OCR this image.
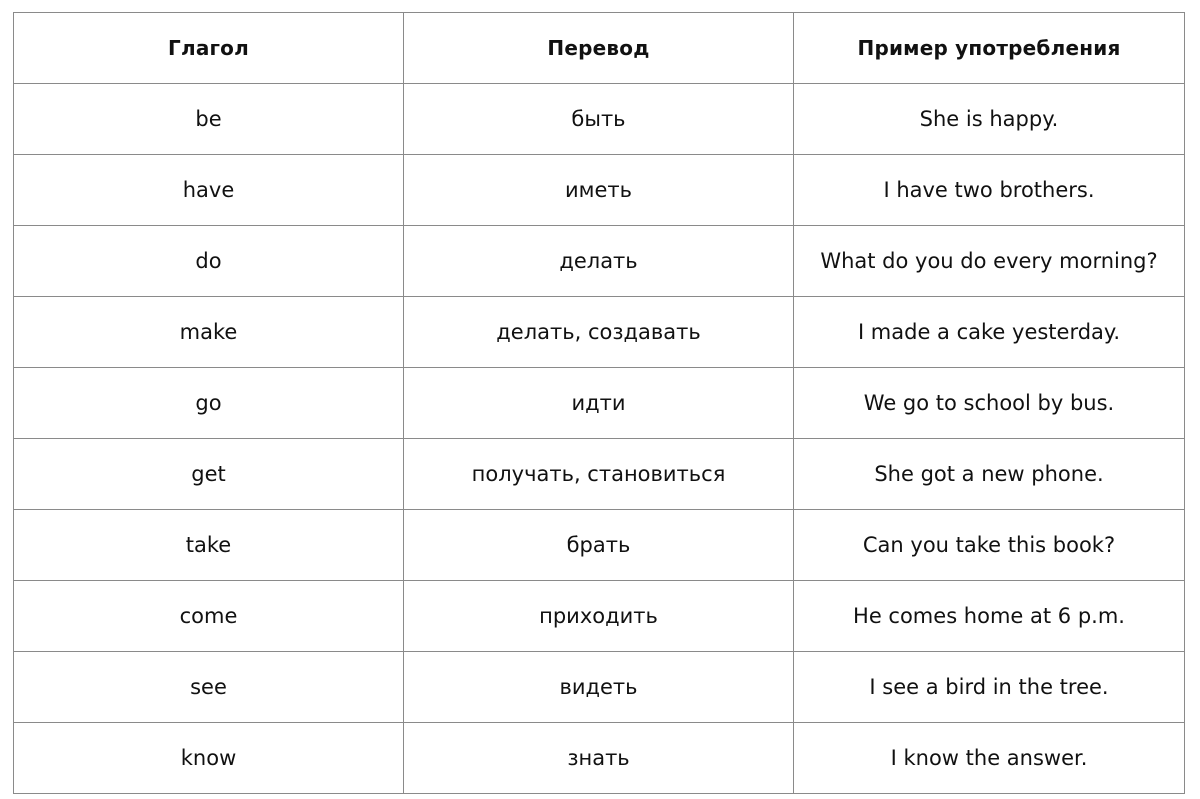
Глагол	Перевод	Пример употребления
be	быть	She is happy.
have	иметь	I have two brothers.
do	делать	What do you do every morning?
make	делать, создавать	I made a cake yesterday.
go	идти	We go to school by bus.
get	получать, становиться	She got a new phone.
take	брать	Can you take this book?
come	приходить	He comes home at 6 p.m.
see	видеть	I see a bird in the tree.
know	знать	I know the answer.
